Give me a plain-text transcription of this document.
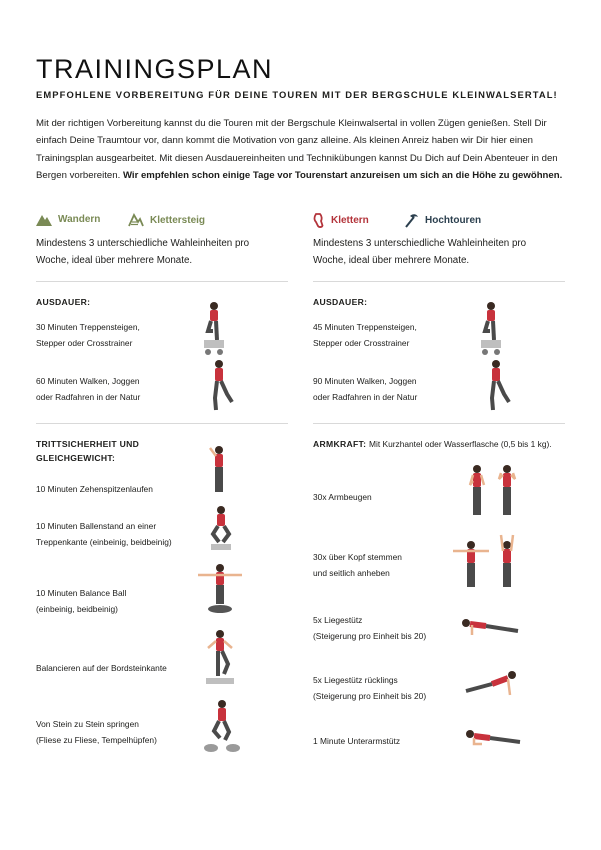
TRAININGSPLAN
EMPFOHLENE VORBEREITUNG FÜR DEINE TOUREN MIT DER BERGSCHULE KLEINWALSERTAL!
Mit der richtigen Vorbereitung kannst du die Touren mit der Bergschule Kleinwalsertal in vollen Zügen genießen. Stell Dir einfach Deine Traumtour vor, dann kommt die Motivation von ganz alleine. Als kleinen Anreiz haben wir Dir hier einen Trainingsplan ausgearbeitet. Mit diesen Ausdauereinheiten und Technikübungen kannst Du Dich auf Dein Abenteuer in den Bergen vorbereiten. Wir empfehlen schon einige Tage vor Tourenstart anzureisen um sich an die Höhe zu gewöhnen.
Wandern	Klettersteig	Klettern	Hochtouren
Mindestens 3 unterschiedliche Wahleinheiten pro
Woche, ideal über mehrere Monate.
Mindestens 3 unterschiedliche Wahleinheiten pro
Woche, ideal über mehrere Monate.
AUSDAUER:
30 Minuten Treppensteigen,
Stepper oder Crosstrainer
60 Minuten Walken, Joggen
oder Radfahren in der Natur
AUSDAUER:
45 Minuten Treppensteigen,
Stepper oder Crosstrainer
90 Minuten Walken, Joggen
oder Radfahren in der Natur
TRITTSICHERHEIT UND
GLEICHGEWICHT:
10 Minuten Zehenspitzenlaufen
10 Minuten Ballenstand an einer
Treppenkante (einbeinig, beidbeinig)
10 Minuten Balance Ball
(einbeinig, beidbeinig)
Balancieren auf der Bordsteinkante
Von Stein zu Stein springen
(Fliese zu Fliese, Tempelhüpfen)
ARMKRAFT: Mit Kurzhantel oder Wasserflasche (0,5 bis 1 kg).
30x Armbeugen
30x über Kopf stemmen
und seitlich anheben
5x Liegestütz
(Steigerung pro Einheit bis 20)
5x Liegestütz rücklings
(Steigerung pro Einheit bis 20)
1 Minute Unterarmstütz
